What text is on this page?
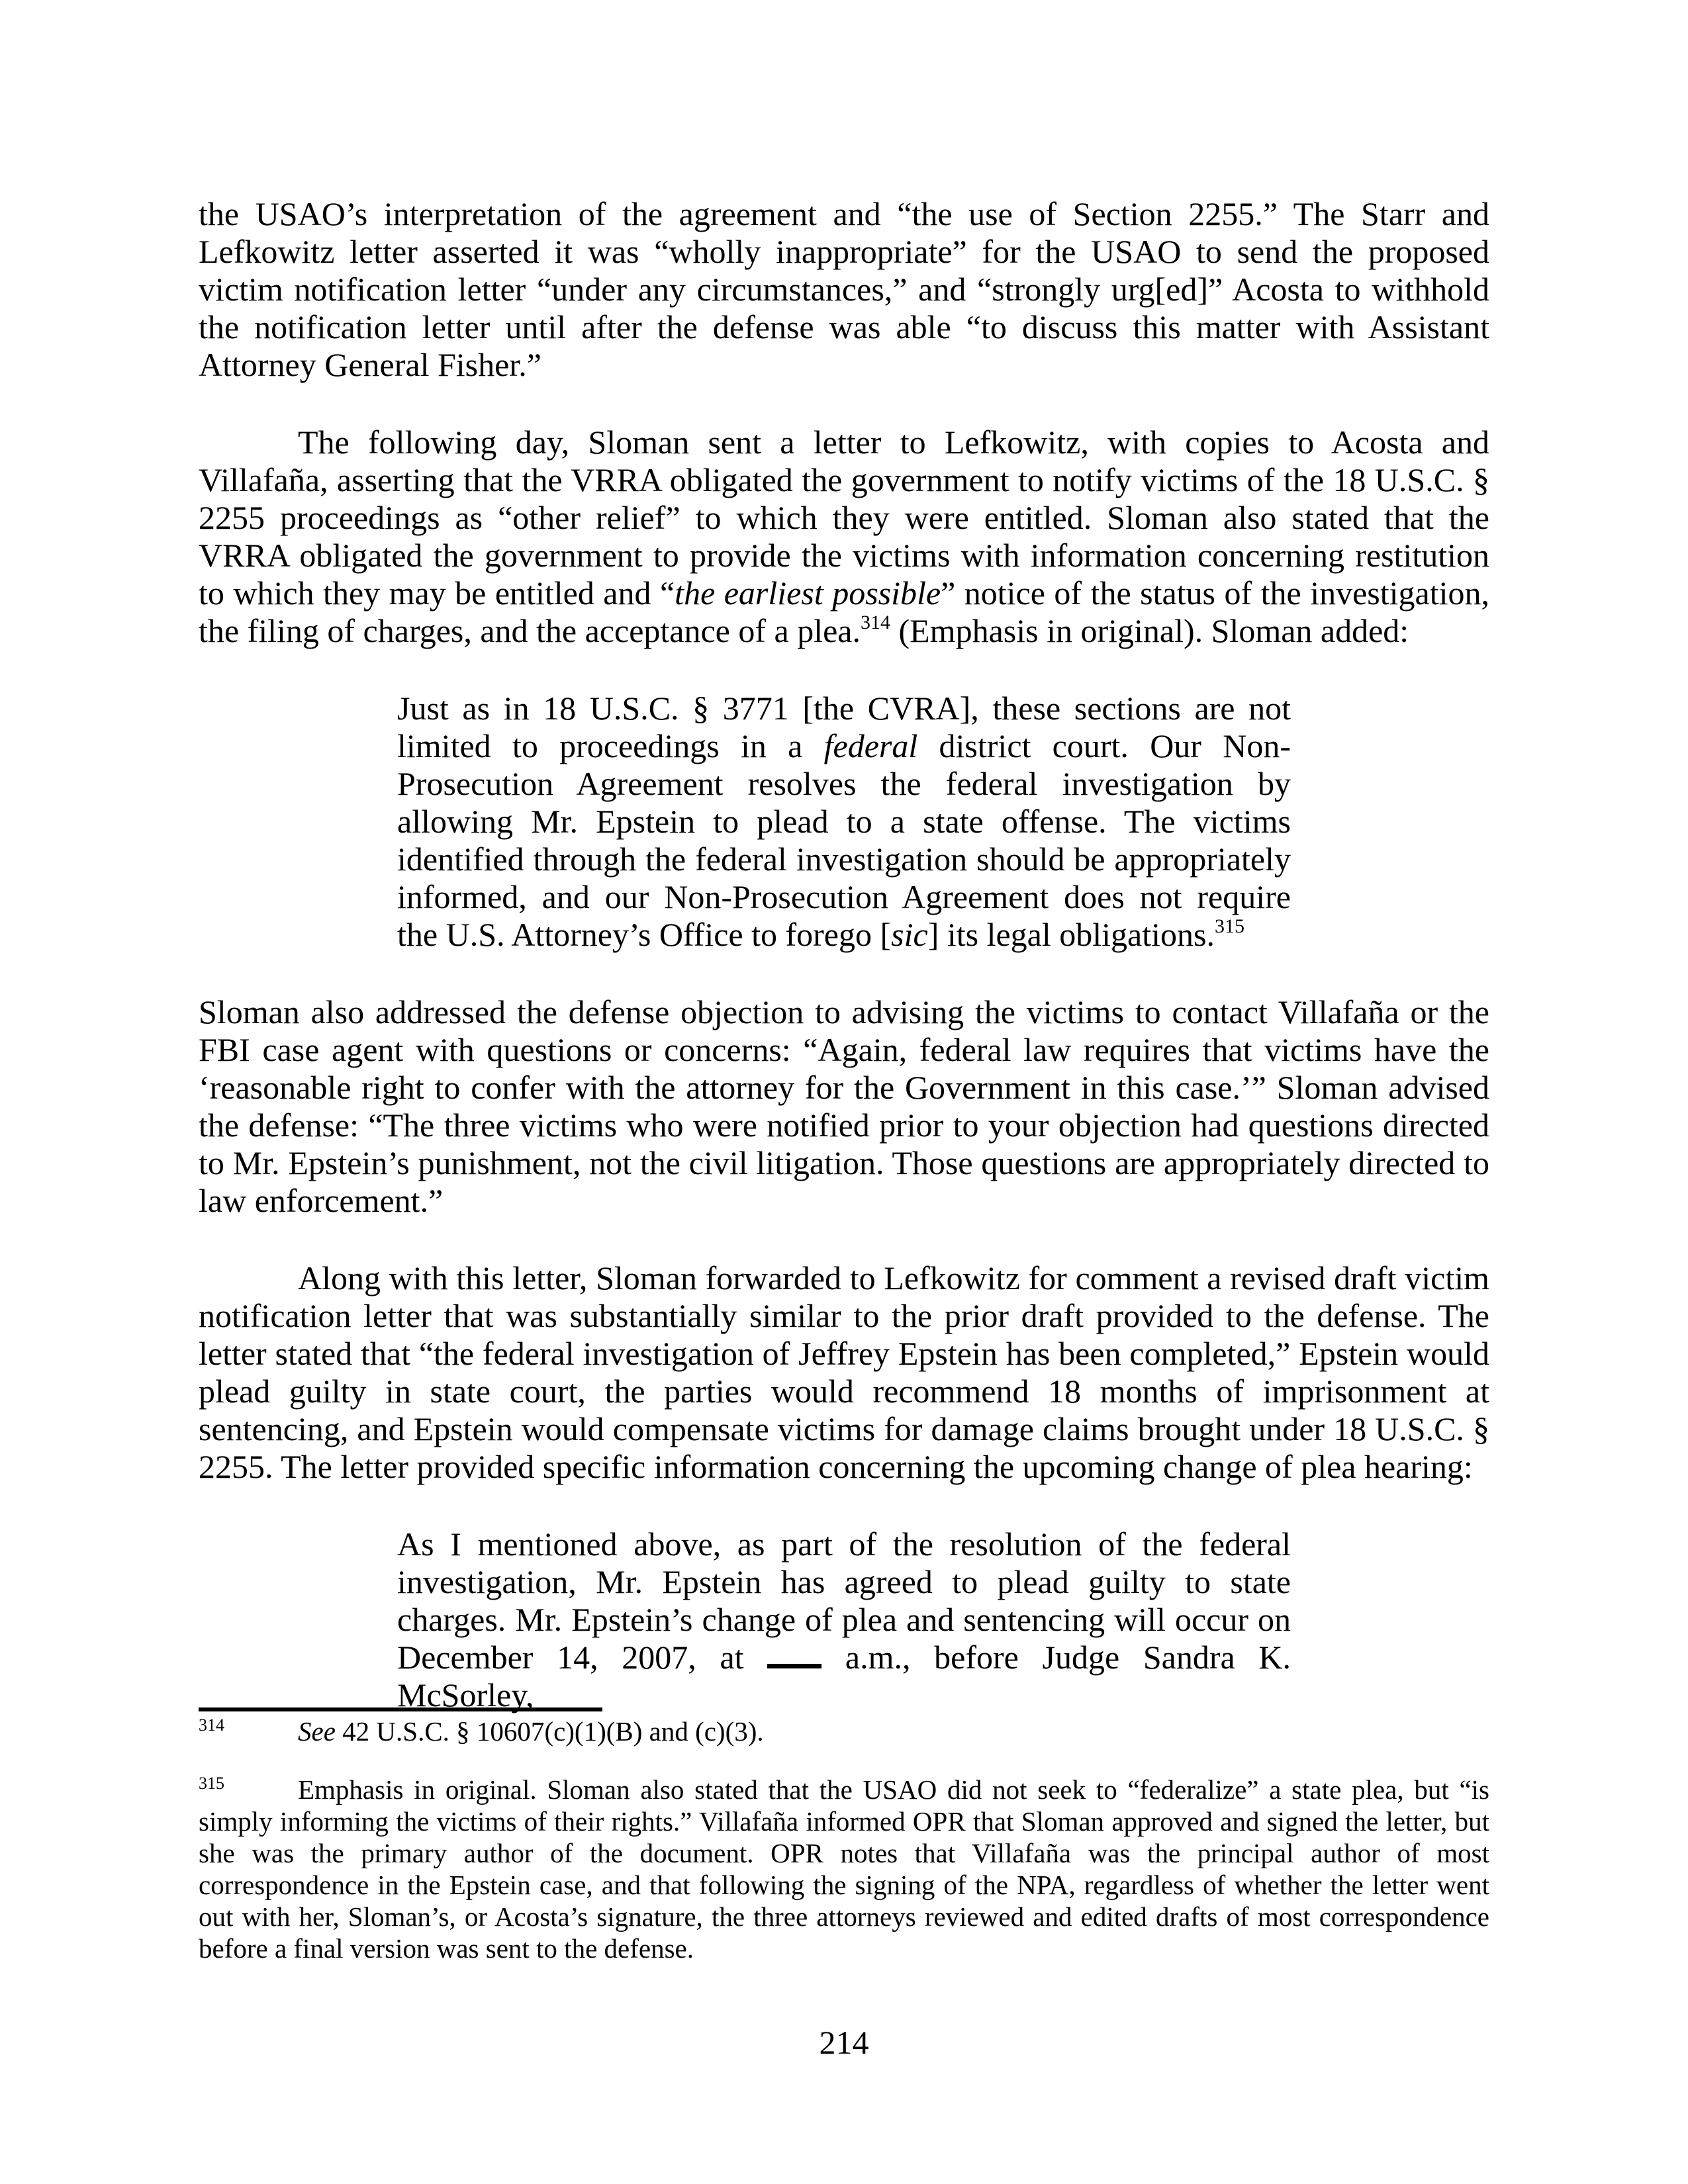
the USAO’s interpretation of the agreement and “the use of Section 2255.” The Starr and Lefkowitz letter asserted it was “wholly inappropriate” for the USAO to send the proposed victim notification letter “under any circumstances,” and “strongly urg[ed]” Acosta to withhold the notification letter until after the defense was able “to discuss this matter with Assistant Attorney General Fisher.”

The following day, Sloman sent a letter to Lefkowitz, with copies to Acosta and Villafaña, asserting that the VRRA obligated the government to notify victims of the 18 U.S.C. § 2255 proceedings as “other relief” to which they were entitled. Sloman also stated that the VRRA obligated the government to provide the victims with information concerning restitution to which they may be entitled and “the earliest possible” notice of the status of the investigation, the filing of charges, and the acceptance of a plea.$^{314}$ (Emphasis in original). Sloman added:

Just as in 18 U.S.C. § 3771 [the CVRA], these sections are not limited to proceedings in a federal district court. Our Non-Prosecution Agreement resolves the federal investigation by allowing Mr. Epstein to plead to a state offense. The victims identified through the federal investigation should be appropriately informed, and our Non-Prosecution Agreement does not require the U.S. Attorney’s Office to forego [sic] its legal obligations.$^{315}$

Sloman also addressed the defense objection to advising the victims to contact Villafaña or the FBI case agent with questions or concerns: “Again, federal law requires that victims have the ‘reasonable right to confer with the attorney for the Government in this case.’” Sloman advised the defense: “The three victims who were notified prior to your objection had questions directed to Mr. Epstein’s punishment, not the civil litigation. Those questions are appropriately directed to law enforcement.”

Along with this letter, Sloman forwarded to Lefkowitz for comment a revised draft victim notification letter that was substantially similar to the prior draft provided to the defense. The letter stated that “the federal investigation of Jeffrey Epstein has been completed,” Epstein would plead guilty in state court, the parties would recommend 18 months of imprisonment at sentencing, and Epstein would compensate victims for damage claims brought under 18 U.S.C. § 2255. The letter provided specific information concerning the upcoming change of plea hearing:

As I mentioned above, as part of the resolution of the federal investigation, Mr. Epstein has agreed to plead guilty to state charges. Mr. Epstein’s change of plea and sentencing will occur on December 14, 2007, at  a.m., before Judge Sandra K. McSorley,
$^{314}$	See 42 U.S.C. § 10607(c)(1)(B) and (c)(3).
$^{315}$	Emphasis in original. Sloman also stated that the USAO did not seek to “federalize” a state plea, but “is simply informing the victims of their rights.” Villafaña informed OPR that Sloman approved and signed the letter, but she was the primary author of the document. OPR notes that Villafaña was the principal author of most correspondence in the Epstein case, and that following the signing of the NPA, regardless of whether the letter went out with her, Sloman’s, or Acosta’s signature, the three attorneys reviewed and edited drafts of most correspondence before a final version was sent to the defense.
214
